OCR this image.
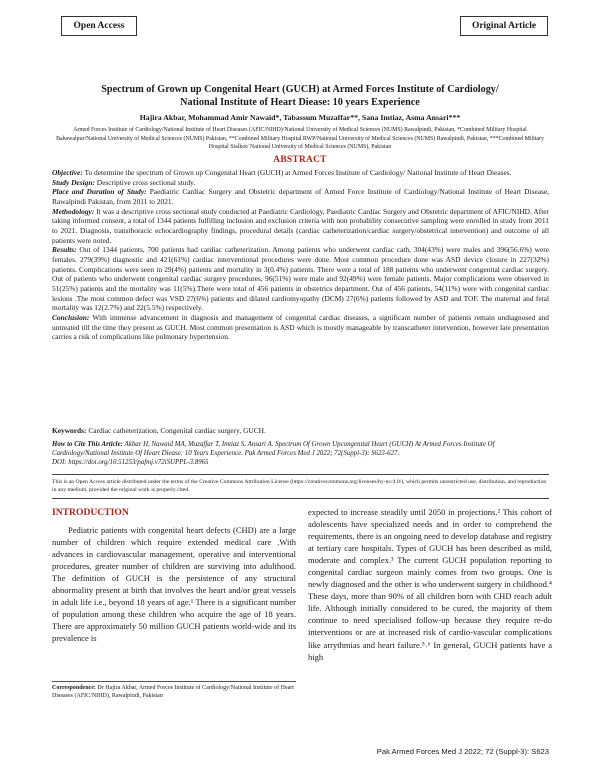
Open Access	Original Article
Spectrum of Grown up Congenital Heart (GUCH) at Armed Forces Institute of Cardiology/
National Institute of Heart Diease: 10 years Experience
Hajira Akbar, Mohammad Amir Nawaid*, Tabassum Muzaffar**, Sana Imtiaz, Asma Ansari***
Armed Forces Institute of Cardiology/National Institute of Heart Diseases (AFIC/NIHD)/National University of Medical Sciences (NUMS) Rawalpindi, Pakistan, *Combined Military Hospital Bahawalpur/National University of Medical Sciences (NUMS) Pakistan, **Combined Military Hospital RWP/National University of Medical Sciences (NUMS) Rawalpindi, Pakistan, ***Combined Military Hospital Sialkot/ National University of Medical Sciences (NUMS), Pakistan
ABSTRACT

Objective: To determine the spectrum of Grown up Congenital Heart (GUCH) at Armed Forces Institute of Cardiology/ National Institute of Heart Dieases.

Study Design: Descriptive cross sectional study.

Place and Duration of Study: Paediatric Cardiac Surgery and Obstetric department of Armed Force Institute of Cardiology/National Institute of Heart Disease, Rawalpindi Pakistan, from 2011 to 2021.

Methodology: It was a descriptive cross sectional study conducted at Paediatric Cardiology, Paediatric Cardiac Surgery and Obstetric department of AFIC/NIHD. After taking informed consent, a total of 1344 patients fulfilling inclusion and exclusion criteria with non probability consecutive sampling were enrolled in study from 2011 to 2021. Diagnosis, transthoracic echocardiography findings, procedural details (cardiac catheterization/cardiac surgery/obstetrical intervention) and outcome of all patients were noted.

Results: Out of 1344 patients, 700 patients had cardiac catheterization. Among patients who underwent cardiac cath, 304(43%) were males and 396(56.6%) were females. 279(39%) diagnostic and 421(61%) cardiac interventional procedures were done. Most common procedure done was ASD device closure in 227(32%) patients. Complications were seen in 29(4%) patients and mortality in 3(0.4%) patients. There were a total of 188 patients who underwent congenital cardiac surgery. Out of patients who underwent congenital cardiac surgery procedures, 96(51%) were male and 92(49%) were female patients. Major complications were observed in 51(25%) patients and the mortality was 11(5%).There were total of 456 patients in obstetrics department. Out of 456 patients, 54(11%) were with congenital cardiac lesions .The most common defect was VSD 27(6%) patients and dilated cardiomyopathy (DCM) 27(6%) patients followed by ASD and TOF. The maternal and fetal mortality was 12(2.7%) and 22(5.5%) respectively.

Conclusion: With immense advancement in diagnosis and management of congenital cardiac diseases, a significant number of patients remain undiagnosed and untreated till the time they present as GUCH. Most common presentation is ASD which is mostly manageable by transcatheter intervention, however late presentation carries a risk of complications like pulmonary hypertension.

Keywords: Cardiac catheterization, Congenital cardiac surgery, GUCH.
How to Cite This Article: Akbar H, Nawaid MA, Muzaffar T, Imtiaz S, Ansari A. Spectrum Of Grown Upcongenital Heart (GUCH) At Armed Forces Institute Of Cardiology/National Institute Of Heart Diease: 10 Years Experience. Pak Armed Forces Med J 2022; 72(Suppl-3): S623-627.
DOI: https://doi.org/10.51253/pafmj.v72iSUPPL-3.8965
This is an Open Access article distributed under the terms of the Creative Commons Attribution License (https://creativecommons.org/licenses/by-nc/4.0/), which permits unrestricted use, distribution, and reproduction in any medium, provided the original work is properly cited.
INTRODUCTION

Pediatric patients with congenital heart defects (CHD) are a large number of children which require extended medical care .With advances in cardiovascular management, operative and interventional procedures, greater number of children are surviving into adulthood. The definition of GUCH is the persistence of any structural abnormality present at birth that involves the heart and/or great vessels in adult life i.e., beyond 18 years of age.¹ There is a significant number of population among these children who acquire the age of 18 years. There are approximately 50 million GUCH patients world-wide and its prevalence is

expected to increase steadily until 2050 in projections.² This cohort of adolescents have specialized needs and in order to comprehend the requirements, there is an ongoing need to develop database and registry at tertiary care hospitals. Types of GUCH has been described as mild, moderate and complex.³ The current GUCH population reporting to congenital cardiac surgeon mainly comes from two groups. One is newly diagnosed and the other is who underwent surgery in childhood.⁴ These days, more than 90% of all children born with CHD reach adult life. Although initially considered to be cured, the majority of them continue to need specialised follow-up because they require re-do interventions or are at increased risk of cardio-vascular complications like arrythmias and heart failure.⁵˒⁶ In general, GUCH patients have a high

Correspondence: Dr Hajira Akbar, Armed Forces Institute of Cardiology/National Institute of Heart Diseases (AFIC/NIHD), Rawalpindi, Pakistan
Pak Armed Forces Med J 2022; 72 (Suppl-3): S623
